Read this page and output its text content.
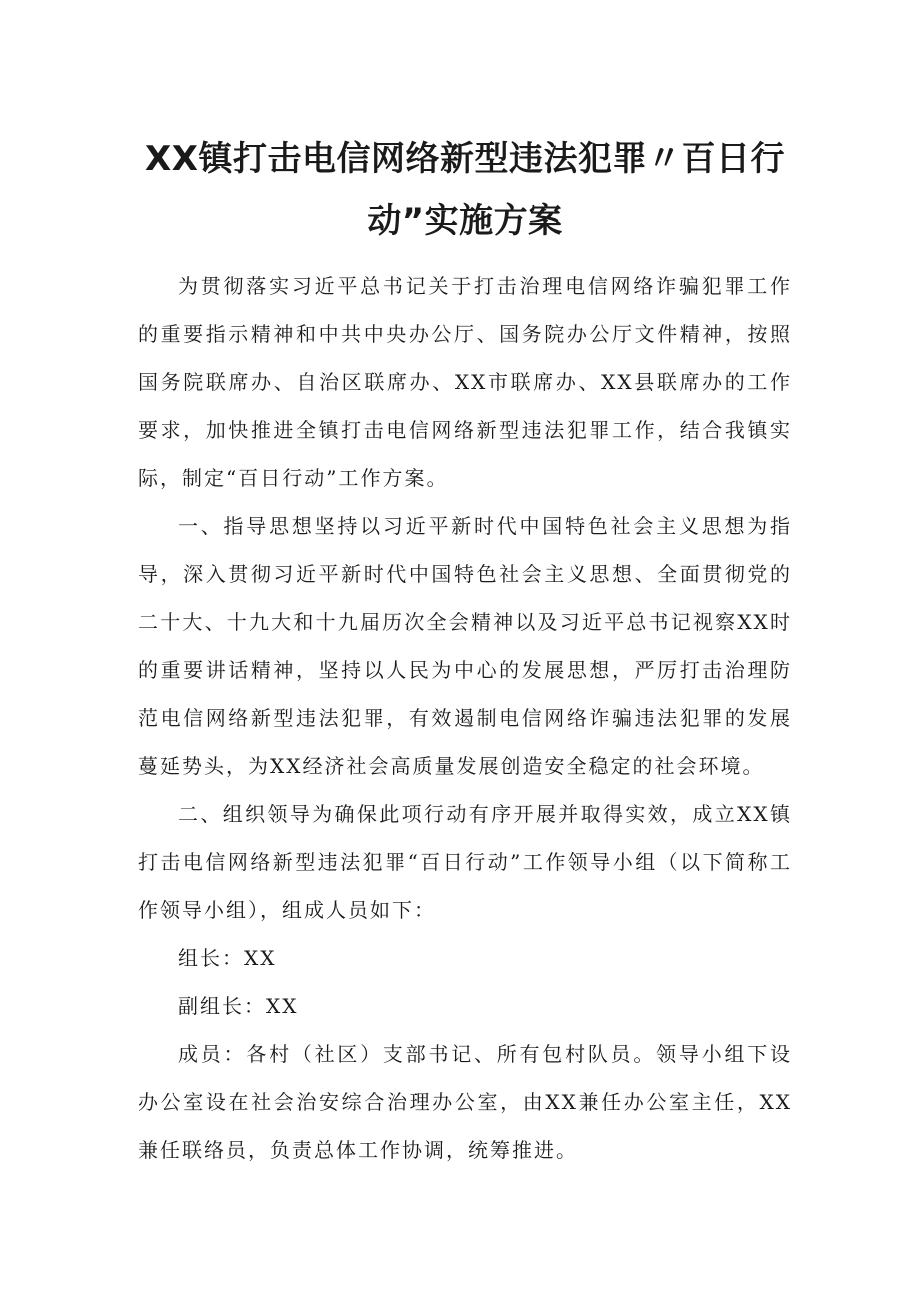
XX镇打击电信网络新型违法犯罪〃百日行
动”实施方案

为贯彻落实习近平总书记关于打击治理电信网络诈骗犯罪工作的重要指示精神和中共中央办公厅、国务院办公厅文件精神，按照国务院联席办、自治区联席办、XX市联席办、XX县联席办的工作要求，加快推进全镇打击电信网络新型违法犯罪工作，结合我镇实际，制定“百日行动”工作方案。

一、指导思想坚持以习近平新时代中国特色社会主义思想为指导，深入贯彻习近平新时代中国特色社会主义思想、全面贯彻党的二十大、十九大和十九届历次全会精神以及习近平总书记视察XX时的重要讲话精神，坚持以人民为中心的发展思想，严厉打击治理防范电信网络新型违法犯罪，有效遏制电信网络诈骗违法犯罪的发展蔓延势头，为XX经济社会高质量发展创造安全稳定的社会环境。

二、组织领导为确保此项行动有序开展并取得实效，成立XX镇打击电信网络新型违法犯罪“百日行动”工作领导小组（以下简称工作领导小组），组成人员如下：

组长：XX

副组长：XX

成员：各村（社区）支部书记、所有包村队员。领导小组下设办公室设在社会治安综合治理办公室，由XX兼任办公室主任，XX兼任联络员，负责总体工作协调，统筹推进。
